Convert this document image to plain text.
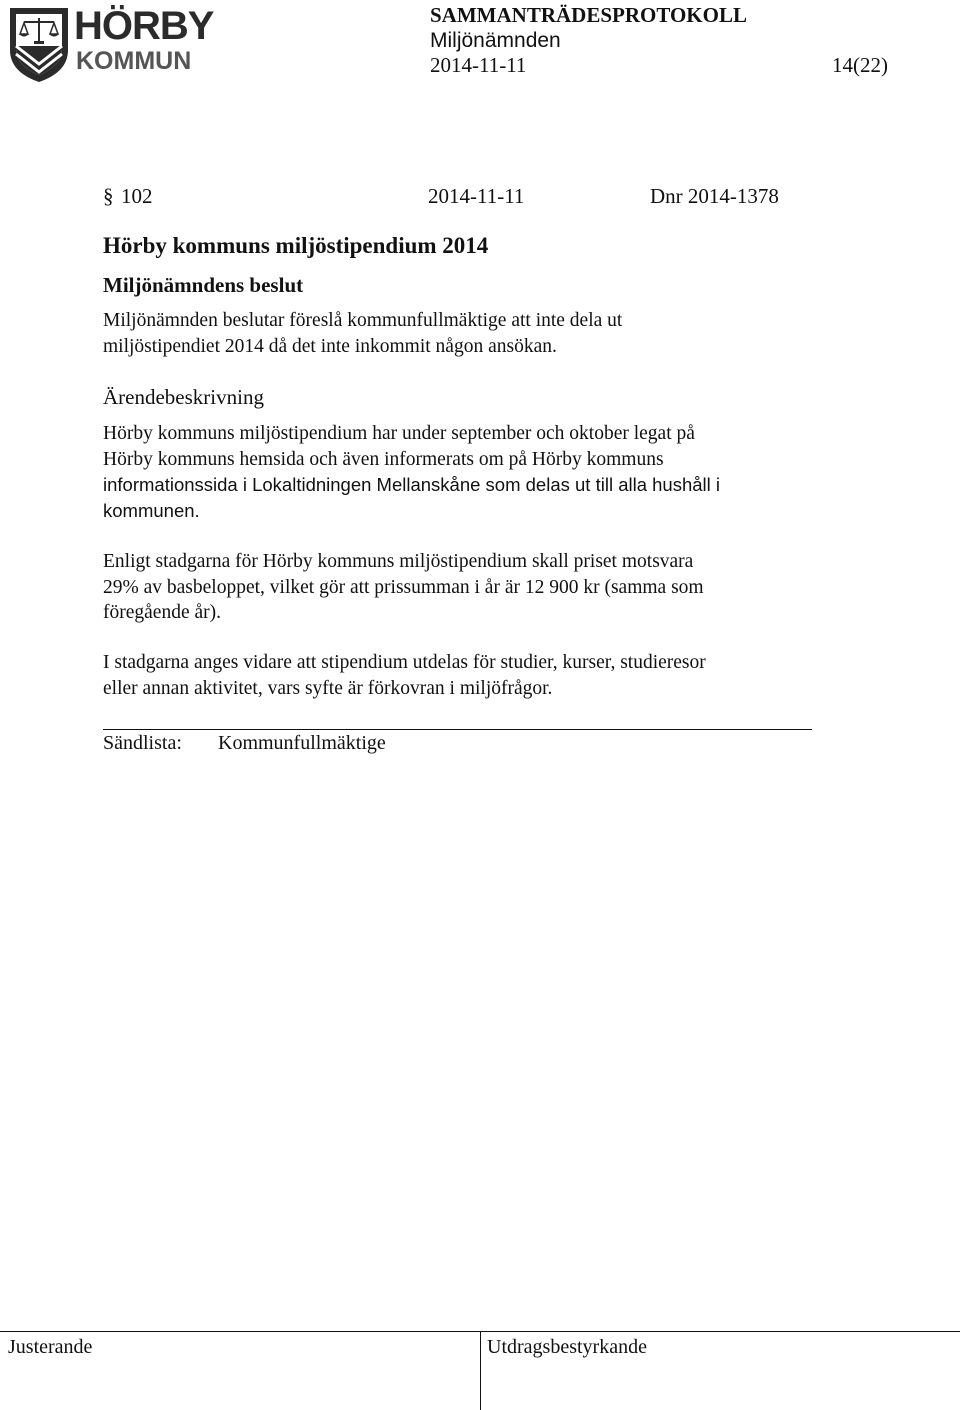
HÖRBY
KOMMUN
SAMMANTRÄDESPROTOKOLL
Miljönämnden
2014-11-11	14(22)
§ 102	2014-11-11	Dnr 2014-1378
Hörby kommuns miljöstipendium 2014
Miljönämndens beslut
Miljönämnden beslutar föreslå kommunfullmäktige att inte dela ut
miljöstipendiet 2014 då det inte inkommit någon ansökan.
Ärendebeskrivning
Hörby kommuns miljöstipendium har under september och oktober legat på
Hörby kommuns hemsida och även informerats om på Hörby kommuns
informationssida i Lokaltidningen Mellanskåne som delas ut till alla hushåll i
kommunen.
Enligt stadgarna för Hörby kommuns miljöstipendium skall priset motsvara
29% av basbeloppet, vilket gör att prissumman i år är 12 900 kr (samma som
föregående år).
I stadgarna anges vidare att stipendium utdelas för studier, kurser, studieresor
eller annan aktivitet, vars syfte är förkovran i miljöfrågor.
Sändlista: Kommunfullmäktige
Justerande	Utdragsbestyrkande
